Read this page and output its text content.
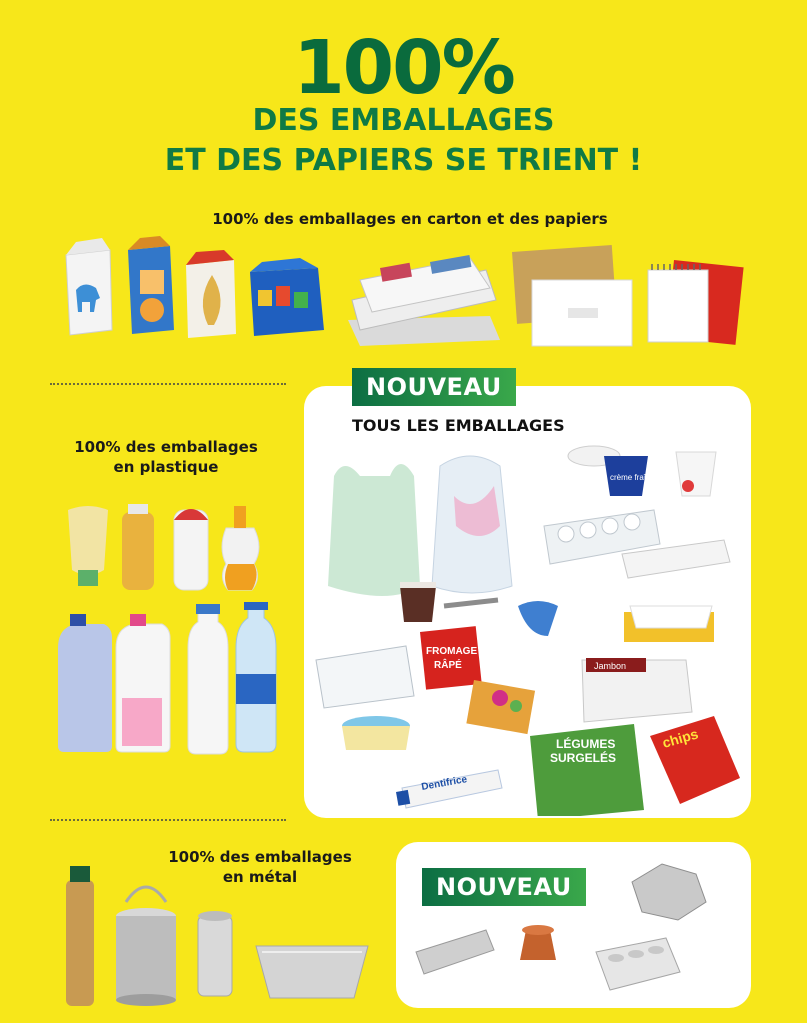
100%
DES EMBALLAGES
ET DES PAPIERS SE TRIENT !
100% des emballages en carton et des papiers
100% des emballages
en plastique
NOUVEAU
TOUS LES EMBALLAGES
crème fraîche
FROMAGE
RÂPÉ	Jambon
Dentifrice
LÉGUMES
SURGELÉS
chips
100% des emballages
en métal	NOUVEAU
